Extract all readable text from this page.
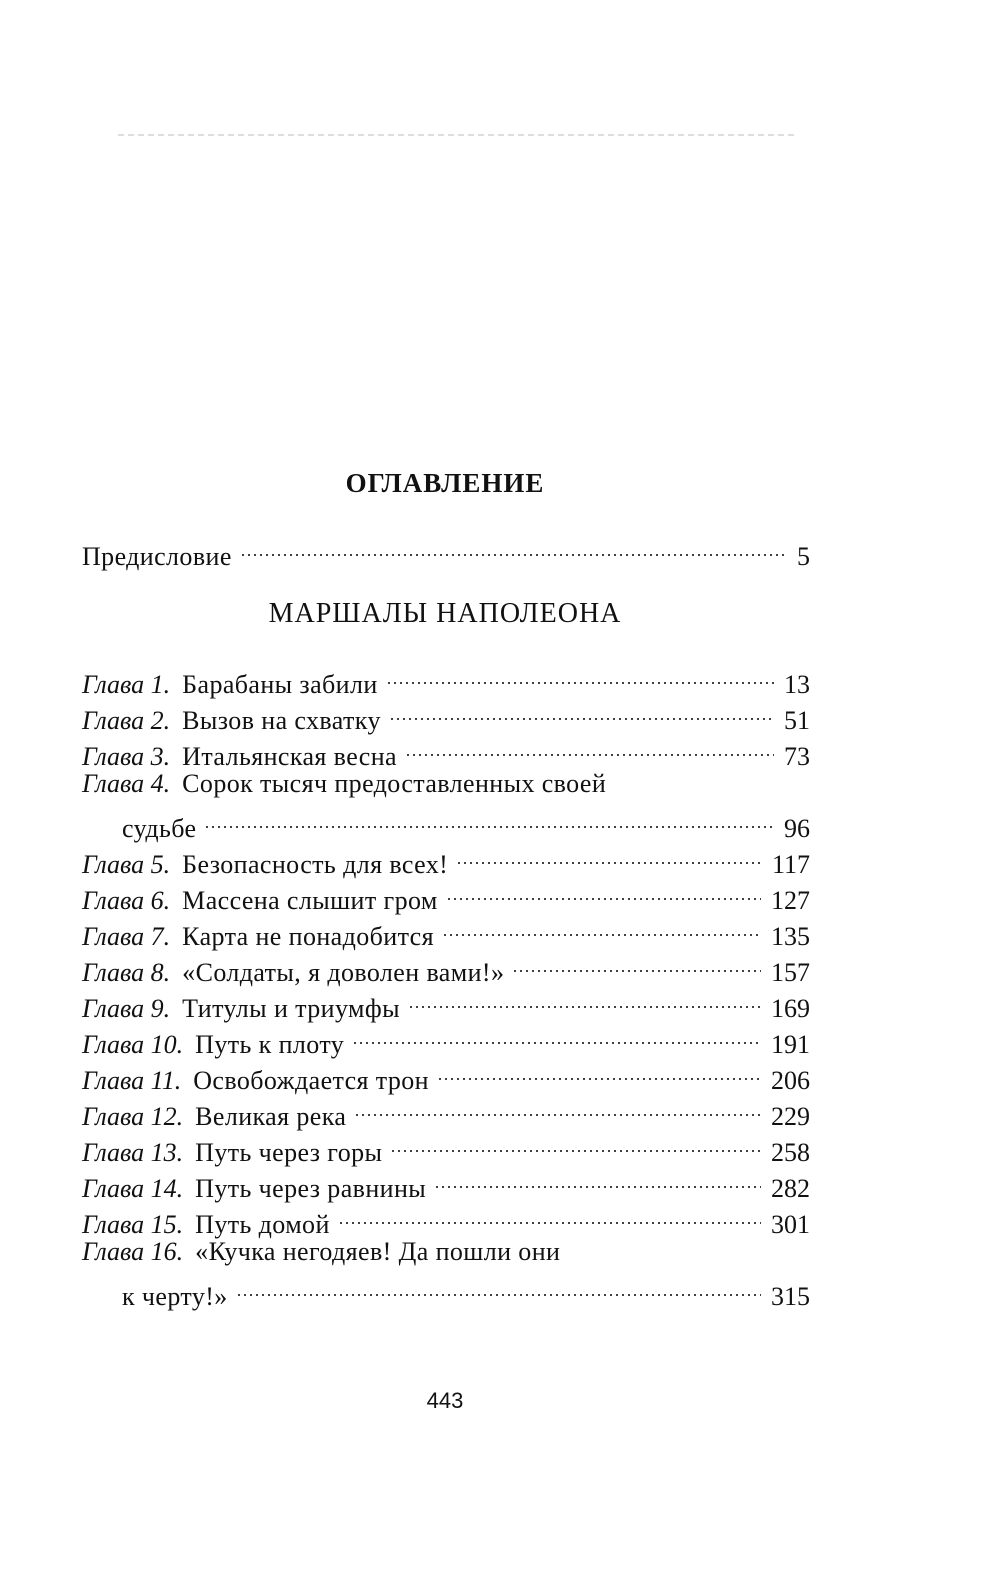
ОГЛАВЛЕНИЕ
Предисловие	5
МАРШАЛЫ НАПОЛЕОНА
Глава 1. Барабаны забили	13
Глава 2. Вызов на схватку	51
Глава 3. Итальянская весна	73
Глава 4. Сорок тысяч предоставленных своей
судьбе	96
Глава 5. Безопасность для всех!	117
Глава 6. Массена слышит гром	127
Глава 7. Карта не понадобится	135
Глава 8. «Солдаты, я доволен вами!»	157
Глава 9. Титулы и триумфы	169
Глава 10. Путь к плоту	191
Глава 11. Освобождается трон	206
Глава 12. Великая река	229
Глава 13. Путь через горы	258
Глава 14. Путь через равнины	282
Глава 15. Путь домой	301
Глава 16. «Кучка негодяев! Да пошли они
к черту!»	315
443
